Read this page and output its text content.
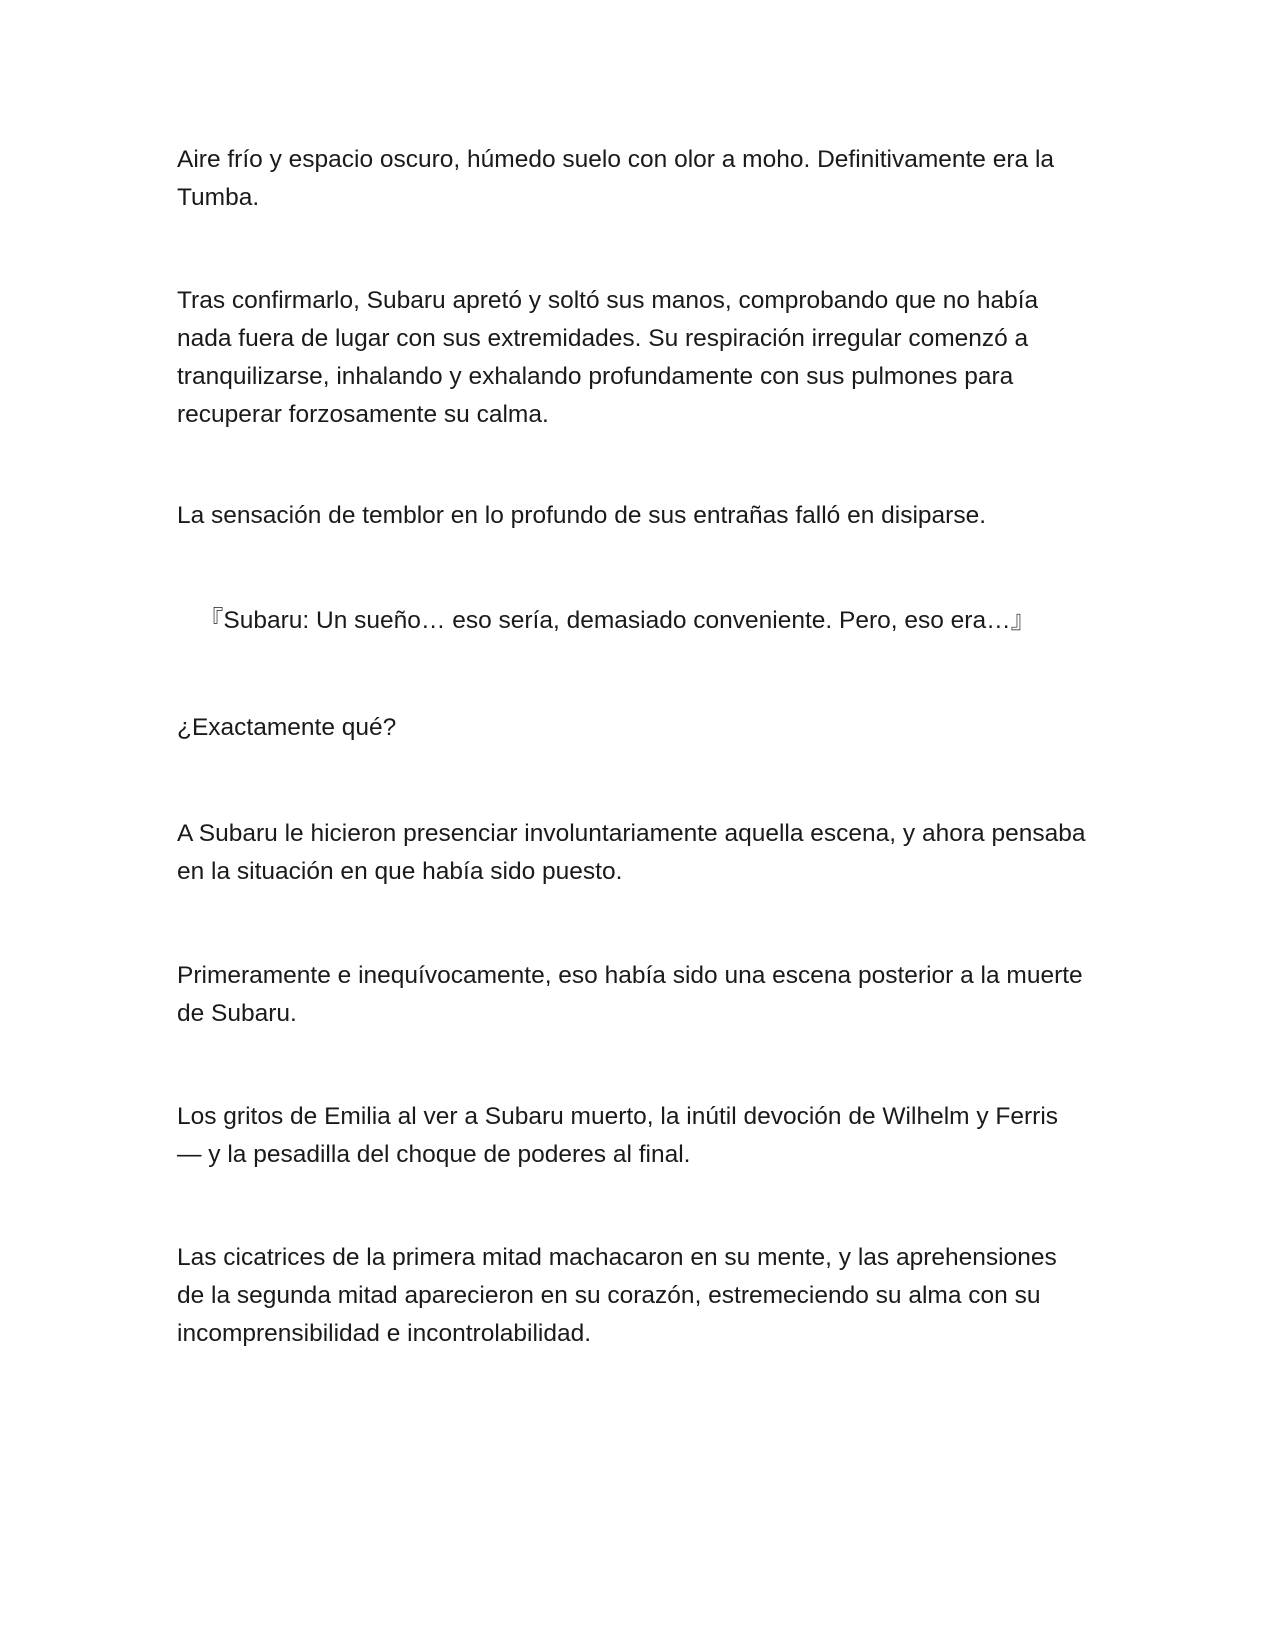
Aire frío y espacio oscuro, húmedo suelo con olor a moho. Definitivamente era la Tumba.

Tras confirmarlo, Subaru apretó y soltó sus manos, comprobando que no había nada fuera de lugar con sus extremidades. Su respiración irregular comenzó a tranquilizarse, inhalando y exhalando profundamente con sus pulmones para recuperar forzosamente su calma.

La sensación de temblor en lo profundo de sus entrañas falló en disiparse.

『Subaru: Un sueño… eso sería, demasiado conveniente. Pero, eso era…』

¿Exactamente qué?

A Subaru le hicieron presenciar involuntariamente aquella escena, y ahora pensaba en la situación en que había sido puesto.

Primeramente e inequívocamente, eso había sido una escena posterior a la muerte de Subaru.

Los gritos de Emilia al ver a Subaru muerto, la inútil devoción de Wilhelm y Ferris — y la pesadilla del choque de poderes al final.

Las cicatrices de la primera mitad machacaron en su mente, y las aprehensiones de la segunda mitad aparecieron en su corazón, estremeciendo su alma con su incomprensibilidad e incontrolabilidad.
